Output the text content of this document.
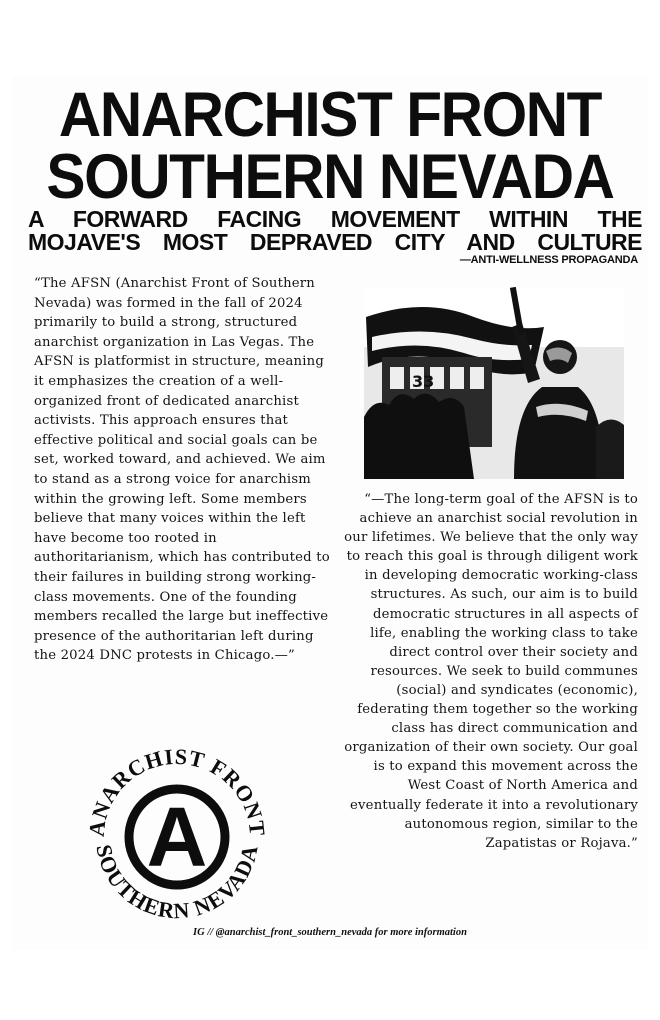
ANARCHIST FRONT
SOUTHERN NEVADA
A FORWARD FACING MOVEMENT WITHIN THE
MOJAVE'S MOST DEPRAVED CITY AND CULTURE
—ANTI-WELLNESS PROPAGANDA
“The AFSN (Anarchist Front of Southern Nevada) was formed in the fall of 2024 primarily to build a strong, structured anarchist organization in Las Vegas. The AFSN is platformist in structure, meaning it emphasizes the creation of a well-organized front of dedicated anarchist activists. This approach ensures that effective political and social goals can be set, worked toward, and achieved. We aim to stand as a strong voice for anarchism within the growing left. Some members believe that many voices within the left have become too rooted in authoritarianism, which has contributed to their failures in building strong working-class movements. One of the founding members recalled the large but ineffective presence of the authoritarian left during the 2024 DNC protests in Chicago.—”
33
“—The long-term goal of the AFSN is to achieve an anarchist social revolution in our lifetimes. We believe that the only way to reach this goal is through diligent work in developing democratic working-class structures. As such, our aim is to build democratic structures in all aspects of life, enabling the working class to take direct control over their society and resources. We seek to build communes (social) and syndicates (economic), federating them together so the working class has direct communication and organization of their own society. Our goal is to expand this movement across the West Coast of North America and eventually federate it into a revolutionary autonomous region, similar to the Zapatistas or Rojava.”
ANARCHIST FRONT
SOUTHERN NEVADA
A
IG // @anarchist_front_southern_nevada for more information
